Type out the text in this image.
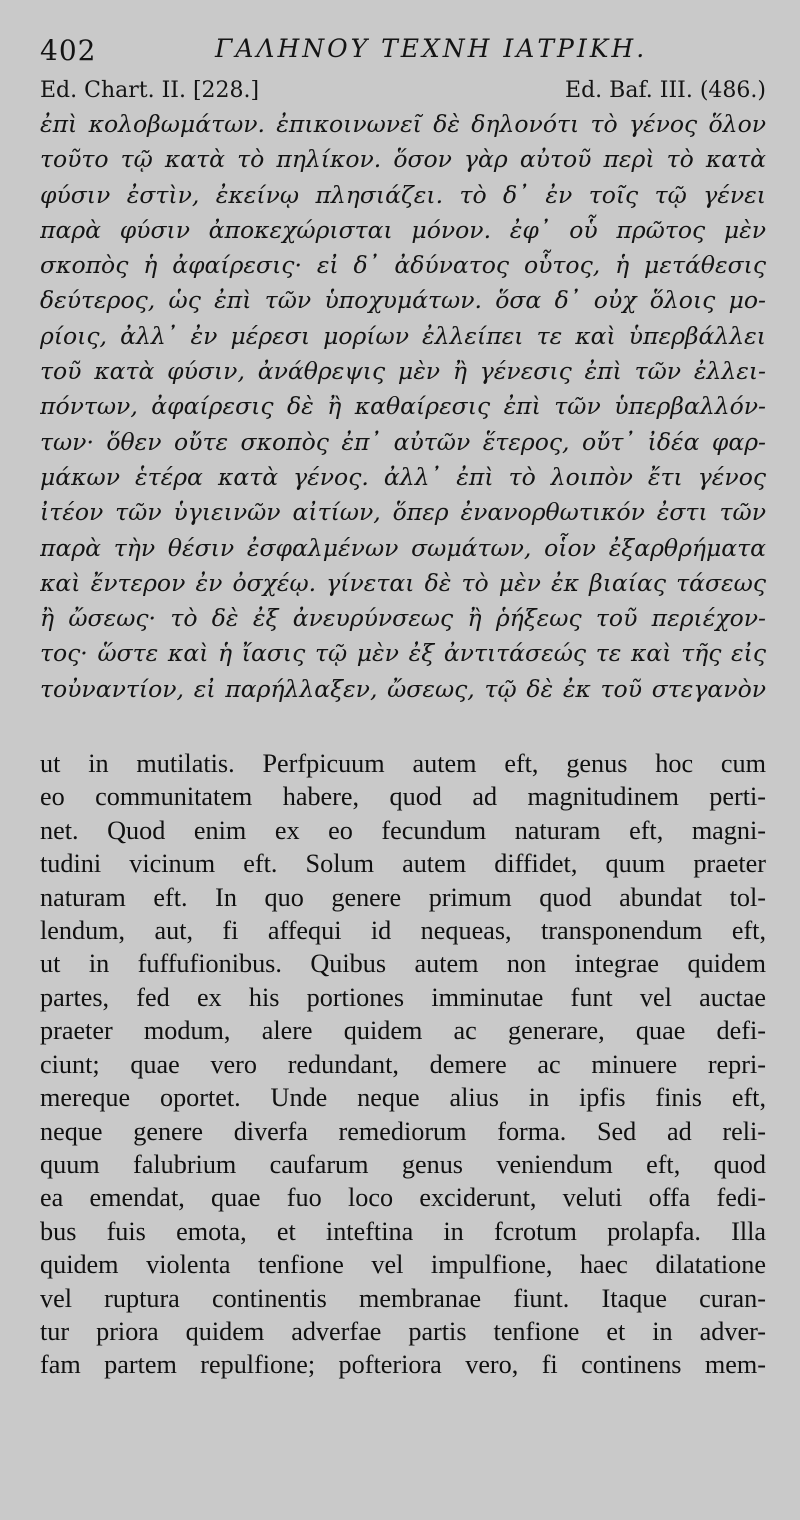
402	ΓΑΛΗΝΟΥ ΤΕΧΝΗ ΙΑΤΡΙΚΗ.
Ed. Chart. II. [228.]	Ed. Baf. III. (486.)
ἐπὶ κολοβωμάτων. ἐπικοινωνεῖ δὲ δηλονότι τὸ γένος ὅλον
τοῦτο τῷ κατὰ τὸ πηλίκον. ὅσον γὰρ αὐτοῦ περὶ τὸ κατὰ
φύσιν ἐστὶν, ἐκείνῳ πλησιάζει. τὸ δ᾽ ἐν τοῖς τῷ γένει
παρὰ φύσιν ἀποκεχώρισται μόνον. ἐφ᾽ οὗ πρῶτος μὲν
σκοπὸς ἡ ἀφαίρεσις· εἰ δ᾽ ἀδύνατος οὗτος, ἡ μετάθεσις
δεύτερος, ὡς ἐπὶ τῶν ὑποχυμάτων. ὅσα δ᾽ οὐχ ὅλοις μο-
ρίοις, ἀλλ᾽ ἐν μέρεσι μορίων ἐλλείπει τε καὶ ὑπερβάλλει
τοῦ κατὰ φύσιν, ἀνάθρεψις μὲν ἢ γένεσις ἐπὶ τῶν ἐλλει-
πόντων, ἀφαίρεσις δὲ ἢ καθαίρεσις ἐπὶ τῶν ὑπερβαλλόν-
των· ὅθεν οὔτε σκοπὸς ἐπ᾽ αὐτῶν ἕτερος, οὔτ᾽ ἰδέα φαρ-
μάκων ἑτέρα κατὰ γένος. ἀλλ᾽ ἐπὶ τὸ λοιπὸν ἔτι γένος
ἰτέον τῶν ὑγιεινῶν αἰτίων, ὅπερ ἐνανορθωτικόν ἐστι τῶν
παρὰ τὴν θέσιν ἐσφαλμένων σωμάτων, οἷον ἐξαρθρήματα
καὶ ἔντερον ἐν ὀσχέῳ. γίνεται δὲ τὸ μὲν ἐκ βιαίας τάσεως
ἢ ὤσεως· τὸ δὲ ἐξ ἀνευρύνσεως ἢ ῥήξεως τοῦ περιέχον-
τος· ὥστε καὶ ἡ ἴασις τῷ μὲν ἐξ ἀντιτάσεώς τε καὶ τῆς εἰς
τοὐναντίον, εἰ παρήλλαξεν, ὤσεως, τῷ δὲ ἐκ τοῦ στεγανὸν
ut in mutilatis. Perfpicuum autem eft, genus hoc cum
eo communitatem habere, quod ad magnitudinem perti-
net. Quod enim ex eo fecundum naturam eft, magni-
tudini vicinum eft. Solum autem diffidet, quum praeter
naturam eft. In quo genere primum quod abundat tol-
lendum, aut, fi affequi id nequeas, transponendum eft,
ut in fuffufionibus. Quibus autem non integrae quidem
partes, fed ex his portiones imminutae funt vel auctae
praeter modum, alere quidem ac generare, quae defi-
ciunt; quae vero redundant, demere ac minuere repri-
mereque oportet. Unde neque alius in ipfis finis eft,
neque genere diverfa remediorum forma. Sed ad reli-
quum falubrium caufarum genus veniendum eft, quod
ea emendat, quae fuo loco exciderunt, veluti offa fedi-
bus fuis emota, et inteftina in fcrotum prolapfa. Illa
quidem violenta tenfione vel impulfione, haec dilatatione
vel ruptura continentis membranae fiunt. Itaque curan-
tur priora quidem adverfae partis tenfione et in adver-
fam partem repulfione; pofteriora vero, fi continens mem-
